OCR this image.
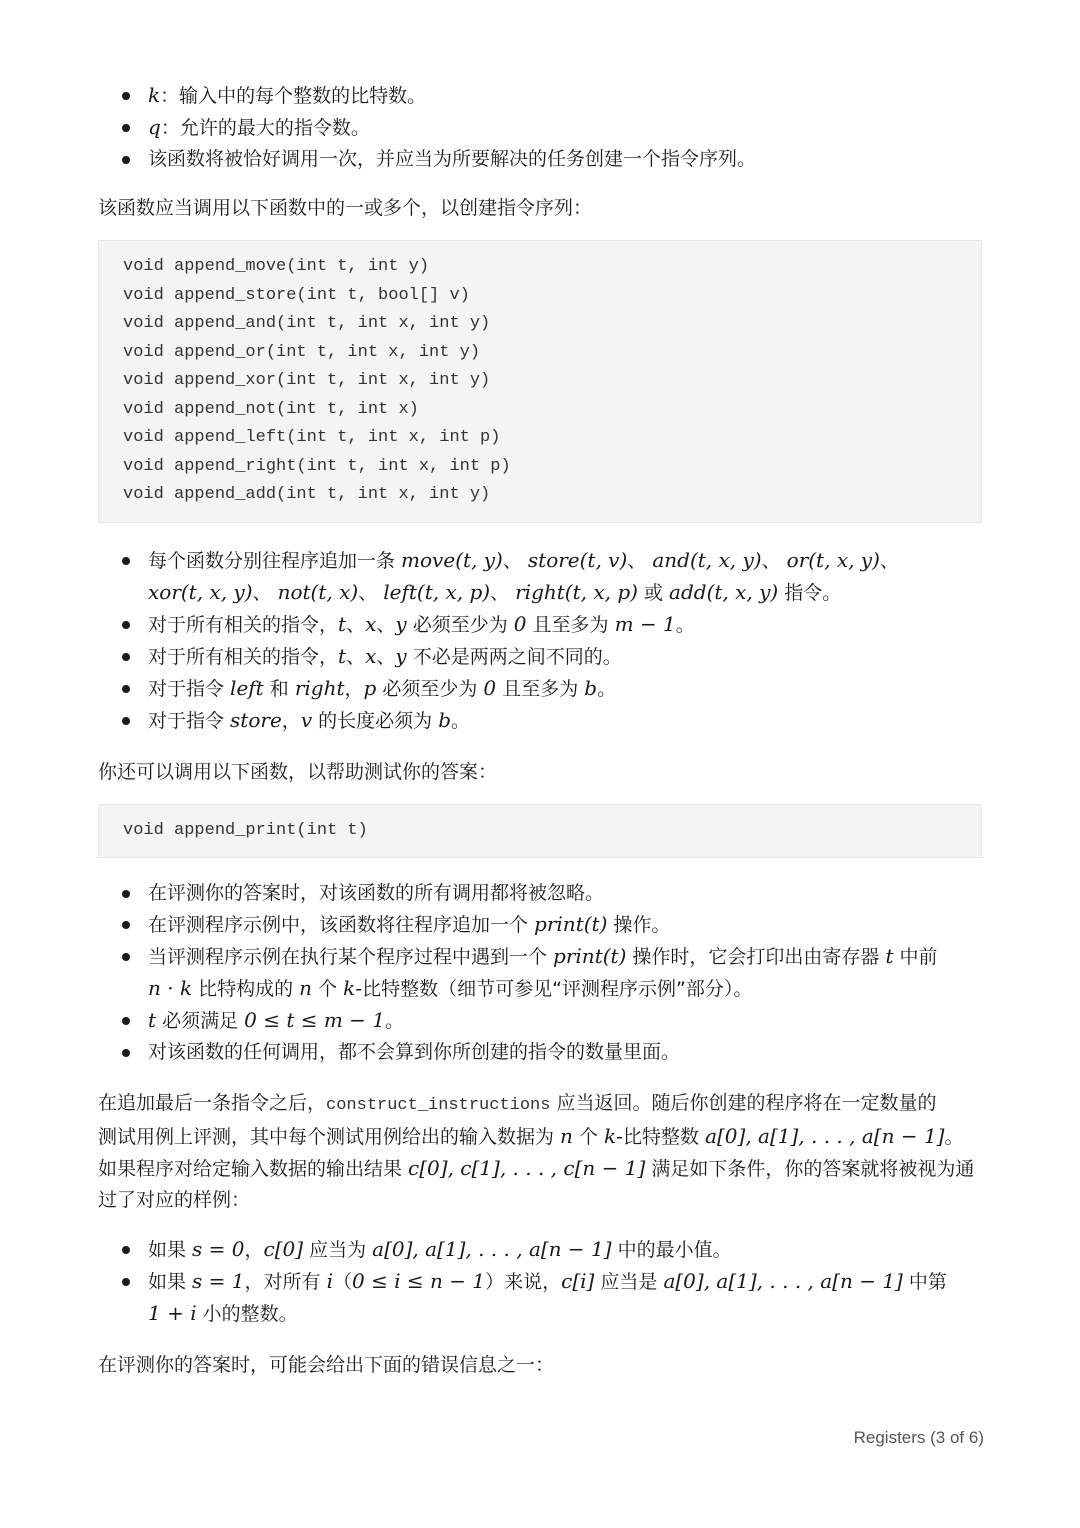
k：输入中的每个整数的比特数。
q：允许的最大的指令数。
该函数将被恰好调用一次，并应当为所要解决的任务创建一个指令序列。

该函数应当调用以下函数中的一或多个，以创建指令序列：

void append_move(int t, int y)
void append_store(int t, bool[] v)
void append_and(int t, int x, int y)
void append_or(int t, int x, int y)
void append_xor(int t, int x, int y)
void append_not(int t, int x)
void append_left(int t, int x, int p)
void append_right(int t, int x, int p)
void append_add(int t, int x, int y)
每个函数分别往程序追加一条 move(t, y)、 store(t, v)、 and(t, x, y)、 or(t, x, y)、
xor(t, x, y)、 not(t, x)、 left(t, x, p)、 right(t, x, p) 或 add(t, x, y) 指令。
对于所有相关的指令，t、x、y 必须至少为 0 且至多为 m − 1。
对于所有相关的指令，t、x、y 不必是两两之间不同的。
对于指令 left 和 right，p 必须至少为 0 且至多为 b。
对于指令 store，v 的长度必须为 b。

你还可以调用以下函数，以帮助测试你的答案：

void append_print(int t)
在评测你的答案时，对该函数的所有调用都将被忽略。
在评测程序示例中，该函数将往程序追加一个 print(t) 操作。
当评测程序示例在执行某个程序过程中遇到一个 print(t) 操作时，它会打印出由寄存器 t 中前
n · k 比特构成的 n 个 k-比特整数（细节可参见“评测程序示例”部分）。
t 必须满足 0 ≤ t ≤ m − 1。
对该函数的任何调用，都不会算到你所创建的指令的数量里面。
在追加最后一条指令之后，construct_instructions 应当返回。随后你创建的程序将在一定数量的
测试用例上评测，其中每个测试用例给出的输入数据为 n 个 k-比特整数 a[0], a[1], . . . , a[n − 1]。
如果程序对给定输入数据的输出结果 c[0], c[1], . . . , c[n − 1] 满足如下条件，你的答案就将被视为通
过了对应的样例：
如果 s = 0，c[0] 应当为 a[0], a[1], . . . , a[n − 1] 中的最小值。
如果 s = 1，对所有 i（0 ≤ i ≤ n − 1）来说，c[i] 应当是 a[0], a[1], . . . , a[n − 1] 中第
1 + i 小的整数。

在评测你的答案时，可能会给出下面的错误信息之一：

Registers (3 of 6)
